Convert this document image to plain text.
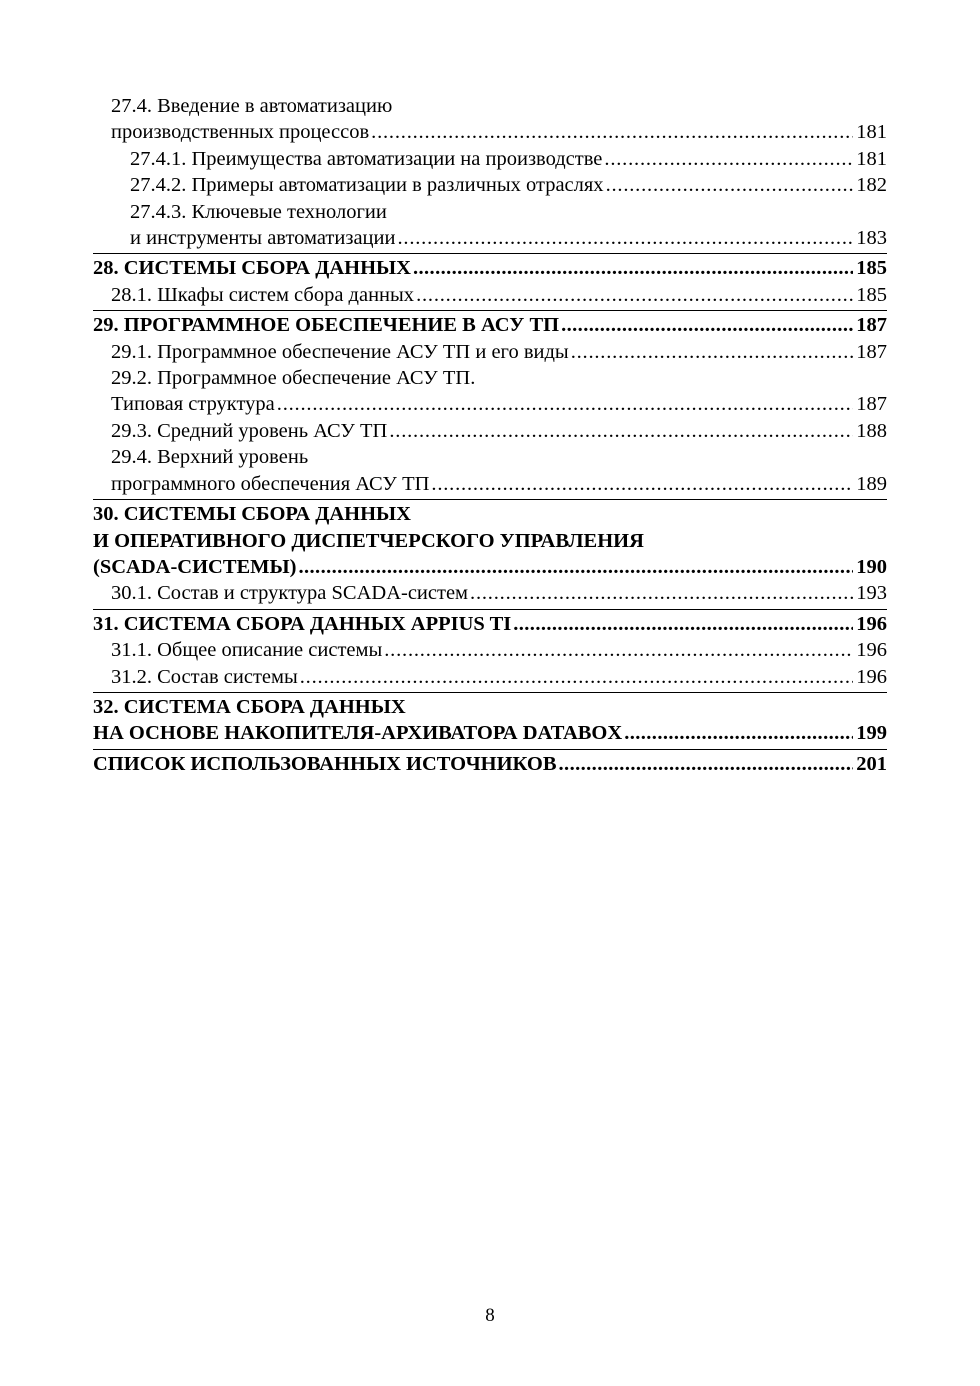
27.4. Введение в автоматизацию
производственных процессов .....	181
27.4.1. Преимущества автоматизации на производстве .....	181
27.4.2. Примеры автоматизации в различных отраслях .....	182
27.4.3. Ключевые технологии
и инструменты автоматизации .....	183
28. СИСТЕМЫ СБОРА ДАННЫХ .....	185
28.1. Шкафы систем сбора данных .....	185
29. ПРОГРАММНОЕ ОБЕСПЕЧЕНИЕ В АСУ ТП .....	187
29.1. Программное обеспечение АСУ ТП и его виды .....	187
29.2. Программное обеспечение АСУ ТП.
Типовая структура .....	187
29.3. Средний уровень АСУ ТП .....	188
29.4. Верхний уровень
программного обеспечения АСУ ТП .....	189
30. СИСТЕМЫ СБОРА ДАННЫХ
И ОПЕРАТИВНОГО ДИСПЕТЧЕРСКОГО УПРАВЛЕНИЯ
(SCADA-СИСТЕМЫ) .....	190
30.1. Состав и структура SCADA-систем .....	193
31. СИСТЕМА СБОРА ДАННЫХ APPIUS TI .....	196
31.1. Общее описание системы .....	196
31.2. Состав системы .....	196
32. СИСТЕМА СБОРА ДАННЫХ
НА ОСНОВЕ НАКОПИТЕЛЯ-АРХИВАТОРА DATABOX .....	199
СПИСОК ИСПОЛЬЗОВАННЫХ ИСТОЧНИКОВ .....	201
8
